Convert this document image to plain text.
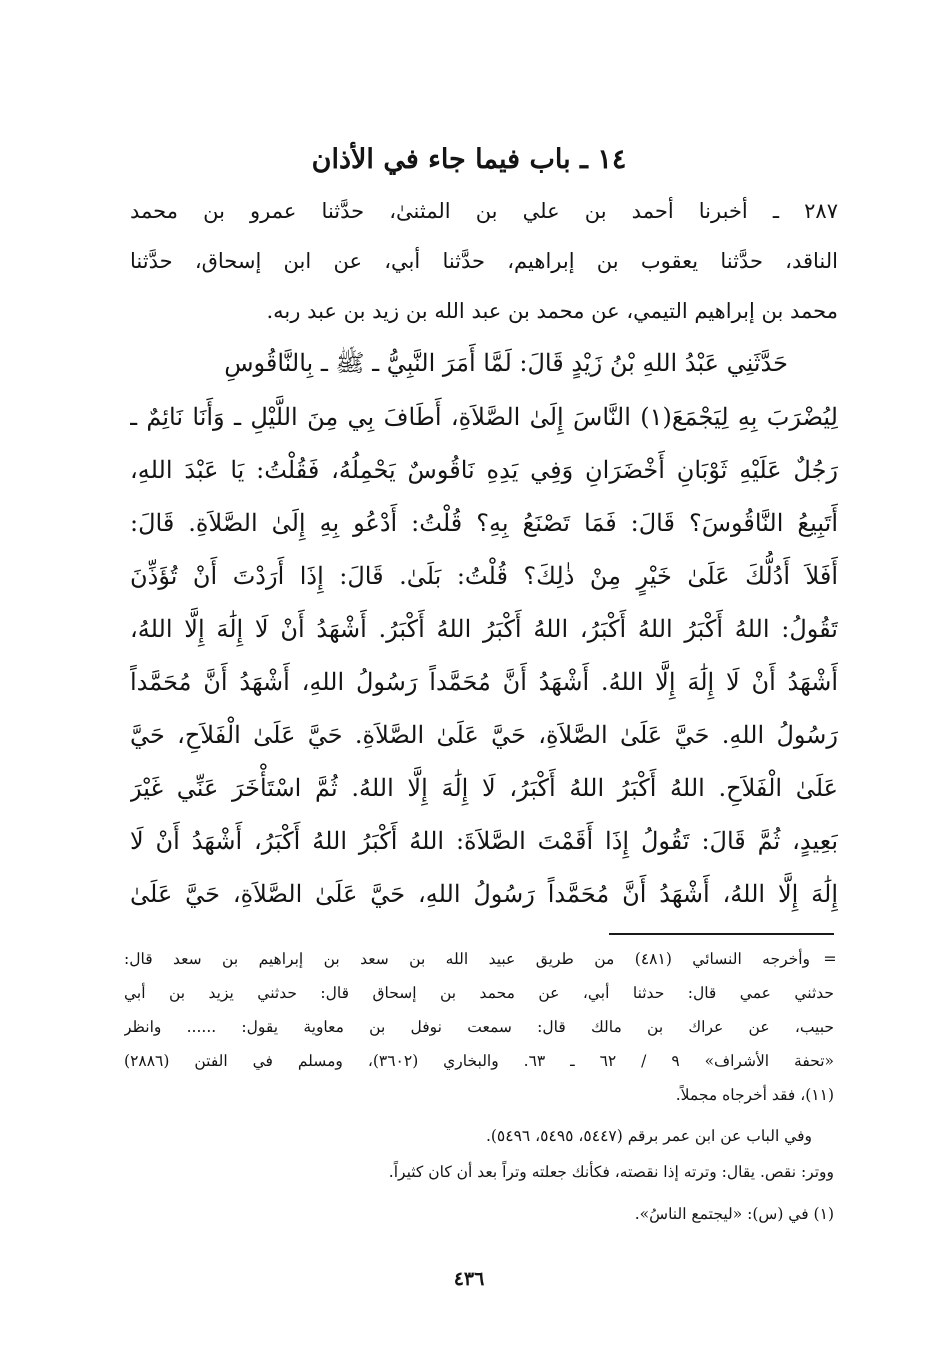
١٤ ـ باب فيما جاء في الأذان
٢٨٧ ـ أخبرنا أحمد بن علي بن المثنىٰ، حدَّثنا عمرو بن محمد
الناقد، حدَّثنا يعقوب بن إبراهيم، حدَّثنا أبي، عن ابن إسحاق، حدَّثنا
محمد بن إبراهيم التيمي، عن محمد بن عبد الله بن زيد بن عبد ربه.
حَدَّثَنِي عَبْدُ اللهِ بْنُ زَيْدٍ قَالَ: لَمَّا أَمَرَ النَّبِيُّ ـ ﷺ ـ بِالنَّاقُوسِ
لِيُضْرَبَ بِهِ لِيَجْمَعَ(١) النَّاسَ إِلَىٰ الصَّلاَةِ، أَطَافَ بِي مِنَ اللَّيْلِ ـ وَأَنَا نَائِمٌ ـ
رَجُلٌ عَلَيْهِ ثَوْبَانِ أَخْضَرَانِ وَفِي يَدِهِ نَاقُوسٌ يَحْمِلُهُ، فَقُلْتُ: يَا عَبْدَ اللهِ،
أَتَبِيعُ النَّاقُوسَ؟ قَالَ: فَمَا تَصْنَعُ بِهِ؟ قُلْتُ: أَدْعُو بِهِ إِلَىٰ الصَّلاَةِ. قَالَ:
أَفَلاَ أَدُلُّكَ عَلَىٰ خَيْرٍ مِنْ ذٰلِكَ؟ قُلْتُ: بَلَىٰ. قَالَ: إِذَا أَرَدْتَ أَنْ تُؤَذِّنَ
تَقُولُ: اللهُ أَكْبَرُ اللهُ أَكْبَرُ، اللهُ أَكْبَرُ اللهُ أَكْبَرُ. أَشْهَدُ أَنْ لَا إِلَٰهَ إِلَّا اللهُ،
أَشْهَدُ أَنْ لَا إِلَٰهَ إِلَّا اللهُ. أَشْهَدُ أَنَّ مُحَمَّداً رَسُولُ اللهِ، أَشْهَدُ أَنَّ مُحَمَّداً
رَسُولُ اللهِ. حَيَّ عَلَىٰ الصَّلاَةِ، حَيَّ عَلَىٰ الصَّلاَةِ. حَيَّ عَلَىٰ الْفَلاَحِ، حَيَّ
عَلَىٰ الْفَلاَحِ. اللهُ أَكْبَرُ اللهُ أَكْبَرُ، لَا إِلَٰهَ إِلَّا اللهُ. ثُمَّ اسْتَأْخَرَ عَنِّي غَيْرَ
بَعِيدٍ، ثُمَّ قَالَ: تَقُولُ إِذَا أَقَمْتَ الصَّلاَةَ: اللهُ أَكْبَرُ اللهُ أَكْبَرُ، أَشْهَدُ أَنْ لَا
إِلَٰهَ إِلَّا اللهُ، أَشْهَدُ أَنَّ مُحَمَّداً رَسُولُ اللهِ، حَيَّ عَلَىٰ الصَّلاَةِ، حَيَّ عَلَىٰ
=
وأخرجه النسائي (٤٨١) من طريق عبيد الله بن سعد بن إبراهيم بن سعد قال:
حدثني عمي قال: حدثنا أبي، عن محمد بن إسحاق قال: حدثني يزيد بن أبي
حبيب، عن عراك بن مالك قال: سمعت نوفل بن معاوية يقول: ...... وانظر
«تحفة الأشراف» ٩ / ٦٢ ـ ٦٣. والبخاري (٣٦٠٢)، ومسلم في الفتن (٢٨٨٦)
(١١)، فقد أخرجاه مجملاً.
وفي الباب عن ابن عمر برقم (٥٤٤٧، ٥٤٩٥، ٥٤٩٦).
ووتر: نقص. يقال: وترته إذا نقصته، فكأنك جعلته وتراً بعد أن كان كثيراً.
(١) في (س): «ليجتمع الناسُ».
٤٣٦
